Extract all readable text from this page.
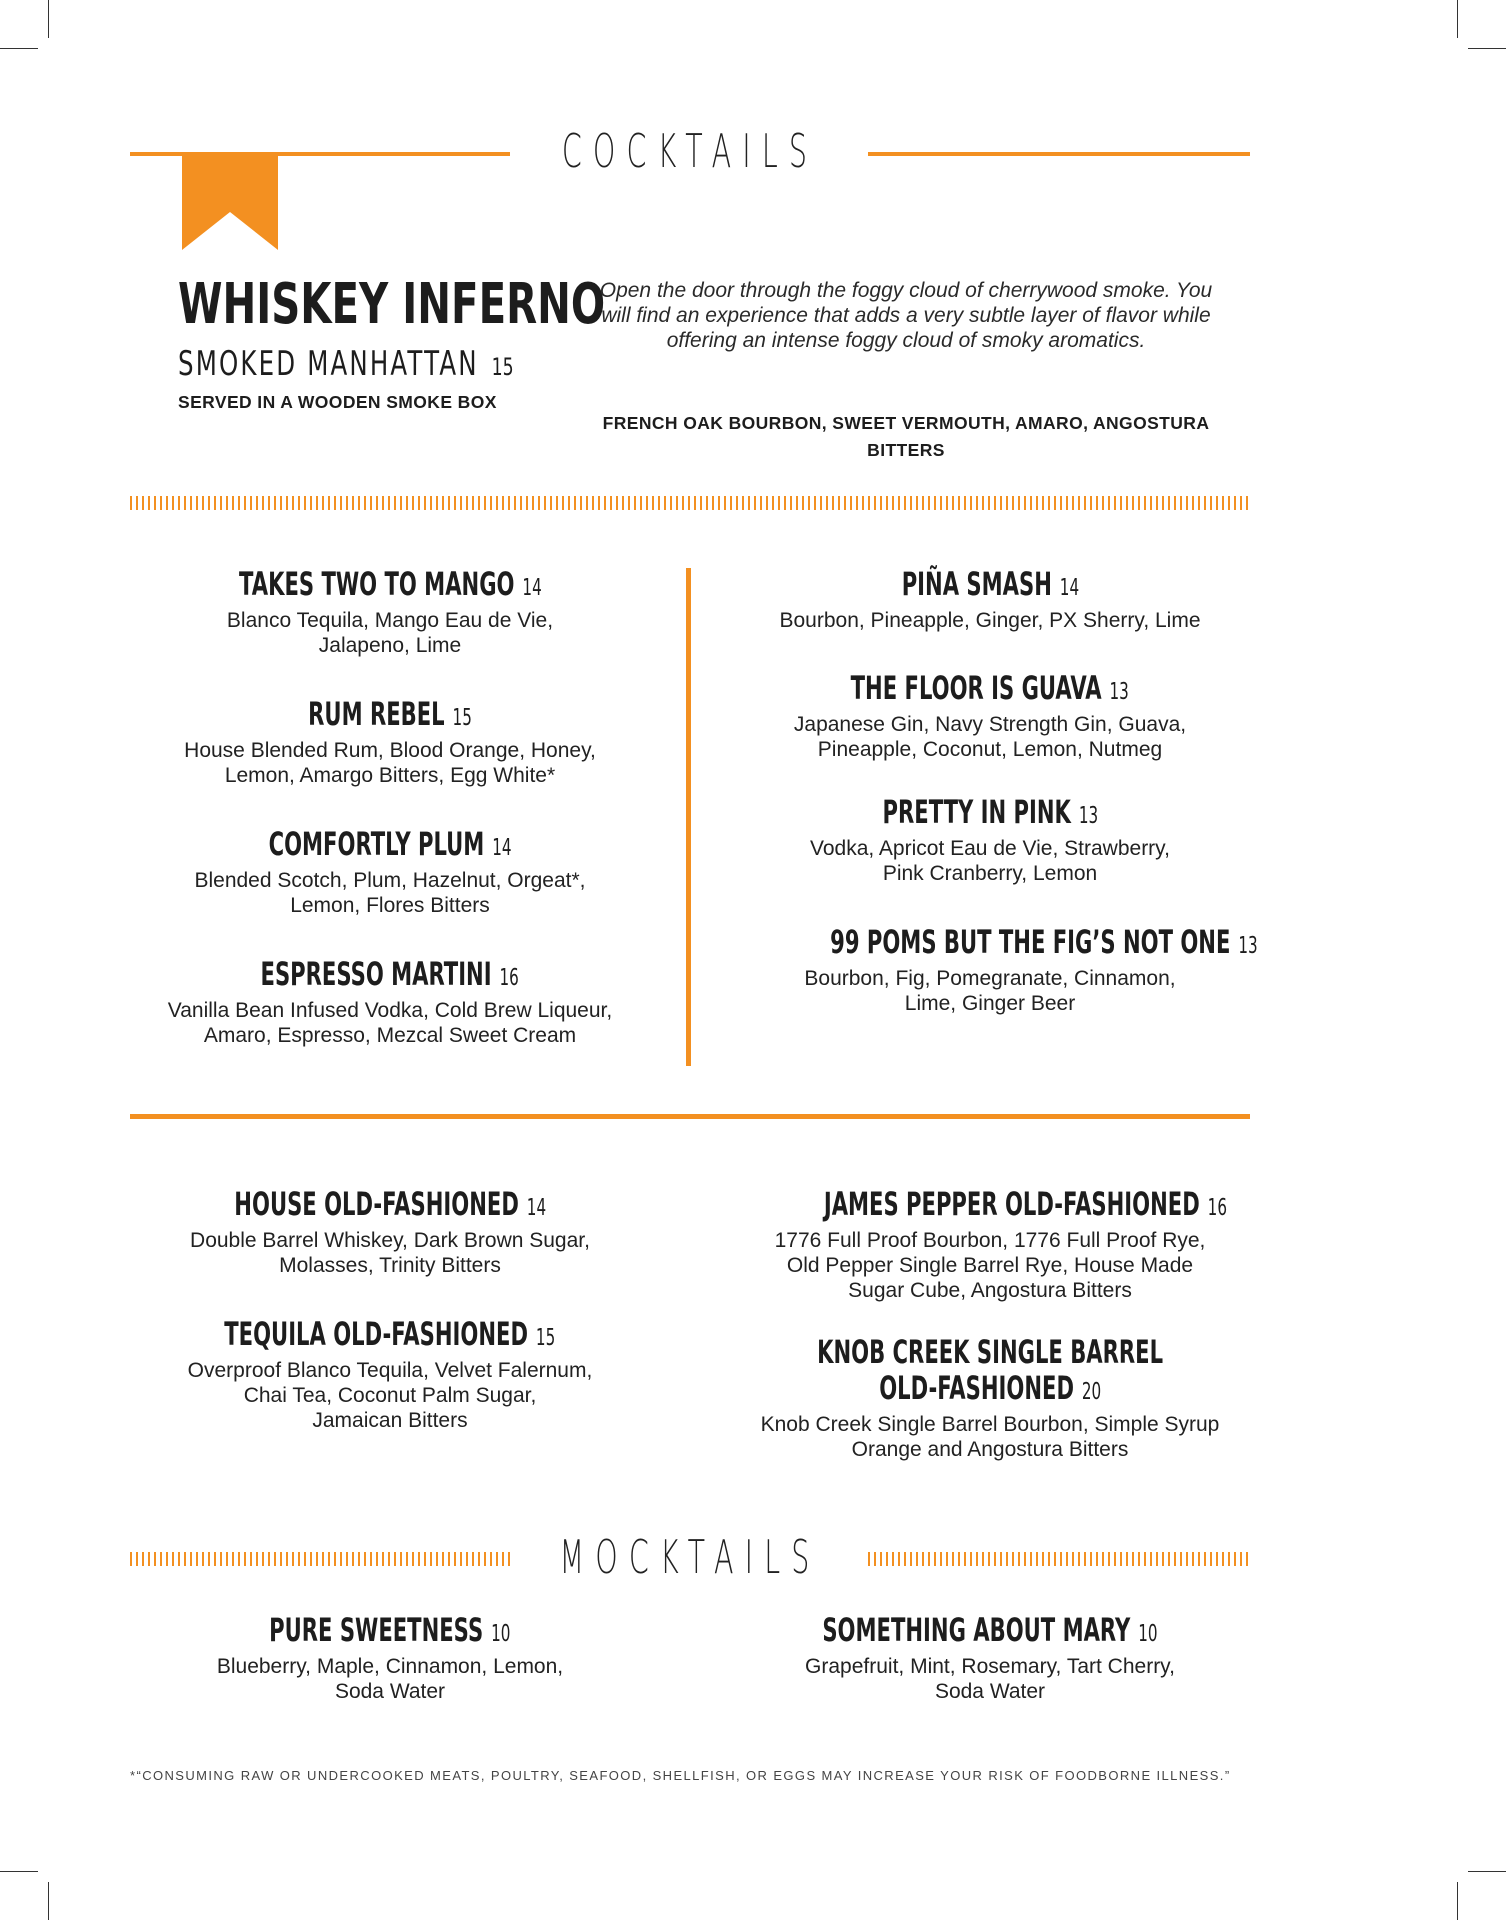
COCKTAILS
WHISKEY INFERNO
SMOKED MANHATTAN 15
SERVED IN A WOODEN SMOKE BOX
Open the door through the foggy cloud of cherrywood smoke. You will find an experience that adds a very subtle layer of flavor while offering an intense foggy cloud of smoky aromatics.
FRENCH OAK BOURBON, SWEET VERMOUTH, AMARO, ANGOSTURA BITTERS
TAKES TWO TO MANGO 14
Blanco Tequila, Mango Eau de Vie,
Jalapeno, Lime
RUM REBEL 15
House Blended Rum, Blood Orange, Honey,
Lemon, Amargo Bitters, Egg White*
COMFORTLY PLUM 14
Blended Scotch, Plum, Hazelnut, Orgeat*,
Lemon, Flores Bitters
ESPRESSO MARTINI 16
Vanilla Bean Infused Vodka, Cold Brew Liqueur,
Amaro, Espresso, Mezcal Sweet Cream
PIÑA SMASH 14
Bourbon, Pineapple, Ginger, PX Sherry, Lime
THE FLOOR IS GUAVA 13
Japanese Gin, Navy Strength Gin, Guava,
Pineapple, Coconut, Lemon, Nutmeg
PRETTY IN PINK 13
Vodka, Apricot Eau de Vie, Strawberry,
Pink Cranberry, Lemon
99 POMS BUT THE FIG’S NOT ONE 13
Bourbon, Fig, Pomegranate, Cinnamon,
Lime, Ginger Beer
HOUSE OLD-FASHIONED 14
Double Barrel Whiskey, Dark Brown Sugar,
Molasses, Trinity Bitters
TEQUILA OLD-FASHIONED 15
Overproof Blanco Tequila, Velvet Falernum,
Chai Tea, Coconut Palm Sugar,
Jamaican Bitters
JAMES PEPPER OLD-FASHIONED 16
1776 Full Proof Bourbon, 1776 Full Proof Rye,
Old Pepper Single Barrel Rye, House Made
Sugar Cube, Angostura Bitters
KNOB CREEK SINGLE BARREL
OLD-FASHIONED 20
Knob Creek Single Barrel Bourbon, Simple Syrup
Orange and Angostura Bitters
MOCKTAILS
PURE SWEETNESS 10
Blueberry, Maple, Cinnamon, Lemon,
Soda Water
SOMETHING ABOUT MARY 10
Grapefruit, Mint, Rosemary, Tart Cherry,
Soda Water
*“CONSUMING RAW OR UNDERCOOKED MEATS, POULTRY, SEAFOOD, SHELLFISH, OR EGGS MAY INCREASE YOUR RISK OF FOODBORNE ILLNESS.”
